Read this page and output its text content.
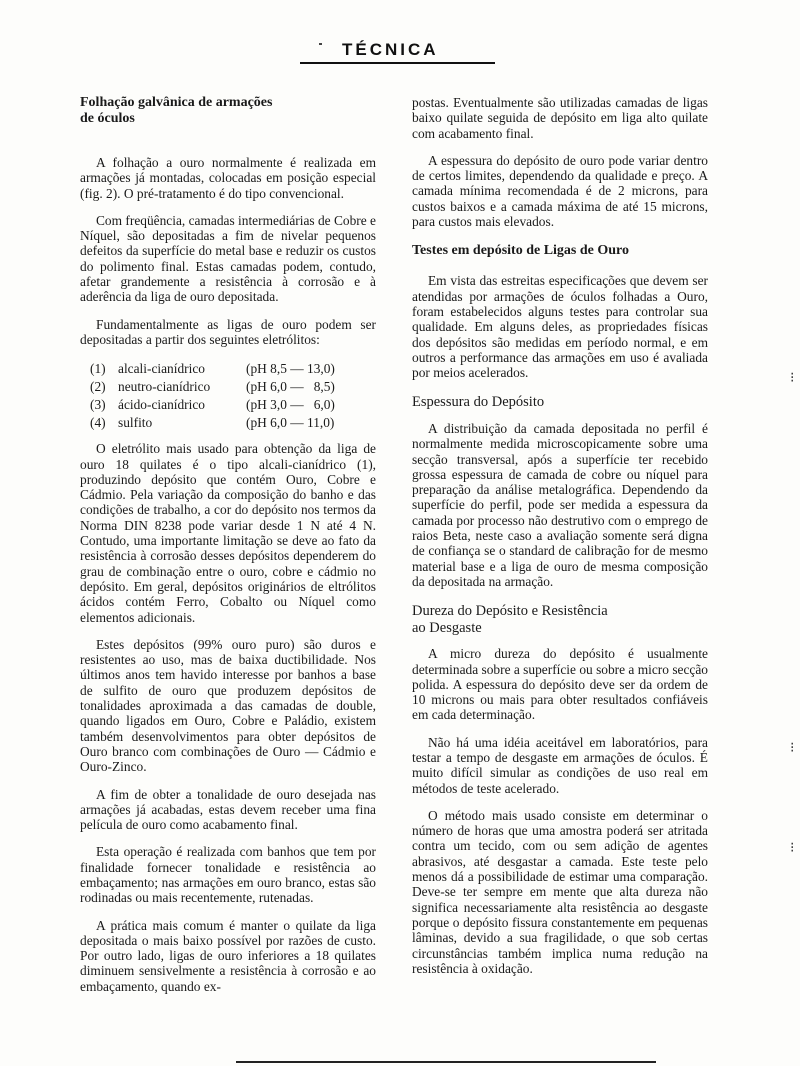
TÉCNICA
Folhação galvânica de armações
de óculos

A folhação a ouro normalmente é realizada em armações já montadas, colocadas em posição especial (fig. 2). O pré-tratamento é do tipo convencional.

Com freqüência, camadas intermediárias de Cobre e Níquel, são depositadas a fim de nivelar pequenos defeitos da superfície do metal base e reduzir os custos do polimento final. Estas camadas podem, contudo, afetar grandemente a resistência à corrosão e à aderência da liga de ouro depositada.

Fundamentalmente as ligas de ouro podem ser depositadas a partir dos seguintes eletrólitos:

(1) alcali-cianídrico	(pH 8,5 — 13,0)
(2) neutro-cianídrico	(pH 6,0 —   8,5)
(3) ácido-cianídrico	(pH 3,0 —   6,0)
(4) sulfito	(pH 6,0 — 11,0)

O eletrólito mais usado para obtenção da liga de ouro 18 quilates é o tipo alcali-cianídrico (1), produzindo depósito que contém Ouro, Cobre e Cádmio. Pela variação da composição do banho e das condições de trabalho, a cor do depósito nos termos da Norma DIN 8238 pode variar desde 1 N até 4 N. Contudo, uma importante limitação se deve ao fato da resistência à corrosão desses depósitos dependerem do grau de combinação entre o ouro, cobre e cádmio no depósito. Em geral, depósitos originários de eltrólitos ácidos contém Ferro, Cobalto ou Níquel como elementos adicionais.

Estes depósitos (99% ouro puro) são duros e resistentes ao uso, mas de baixa ductibilidade. Nos últimos anos tem havido interesse por banhos a base de sulfito de ouro que produzem depósitos de tonalidades aproximada a das camadas de double, quando ligados em Ouro, Cobre e Paládio, existem também desenvolvimentos para obter depósitos de Ouro branco com combinações de Ouro — Cádmio e Ouro-Zinco.

A fim de obter a tonalidade de ouro desejada nas armações já acabadas, estas devem receber uma fina película de ouro como acabamento final.

Esta operação é realizada com banhos que tem por finalidade fornecer tonalidade e resistência ao embaçamento; nas armações em ouro branco, estas são rodinadas ou mais recentemente, rutenadas.

A prática mais comum é manter o quilate da liga depositada o mais baixo possível por razões de custo. Por outro lado, ligas de ouro inferiores a 18 quilates diminuem sensivelmente a resistência à corrosão e ao embaçamento, quando ex-

postas. Eventualmente são utilizadas camadas de ligas baixo quilate seguida de depósito em liga alto quilate com acabamento final.

A espessura do depósito de ouro pode variar dentro de certos limites, dependendo da qualidade e preço. A camada mínima recomendada é de 2 microns, para custos baixos e a camada máxima de até 15 microns, para custos mais elevados.

Testes em depósito de Ligas de Ouro

Em vista das estreitas especificações que devem ser atendidas por armações de óculos folhadas a Ouro, foram estabelecidos alguns testes para controlar sua qualidade. Em alguns deles, as propriedades físicas dos depósitos são medidas em período normal, e em outros a performance das armações em uso é avaliada por meios acelerados.

Espessura do Depósito

A distribuição da camada depositada no perfil é normalmente medida microscopicamente sobre uma secção transversal, após a superfície ter recebido grossa espessura de camada de cobre ou níquel para preparação da análise metalográfica. Dependendo da superfície do perfil, pode ser medida a espessura da camada por processo não destrutivo com o emprego de raios Beta, neste caso a avaliação somente será digna de confiança se o standard de calibração for de mesmo material base e a liga de ouro de mesma composição da depositada na armação.

Dureza do Depósito e Resistência
ao Desgaste

A micro dureza do depósito é usualmente determinada sobre a superfície ou sobre a micro secção polida. A espessura do depósito deve ser da ordem de 10 microns ou mais para obter resultados confiáveis em cada determinação.

Não há uma idéia aceitável em laboratórios, para testar a tempo de desgaste em armações de óculos. É muito difícil simular as condições de uso real em métodos de teste acelerado.

O método mais usado consiste em determinar o número de horas que uma amostra poderá ser atritada contra um tecido, com ou sem adição de agentes abrasivos, até desgastar a camada. Este teste pelo menos dá a possibilidade de estimar uma comparação. Deve-se ter sempre em mente que alta dureza não significa necessariamente alta resistência ao desgaste porque o depósito fissura constantemente em pequenas lâminas, devido a sua fragilidade, o que sob certas circunstâncias também implica numa redução na resistência à oxidação.

⁝
⁝
⁝
